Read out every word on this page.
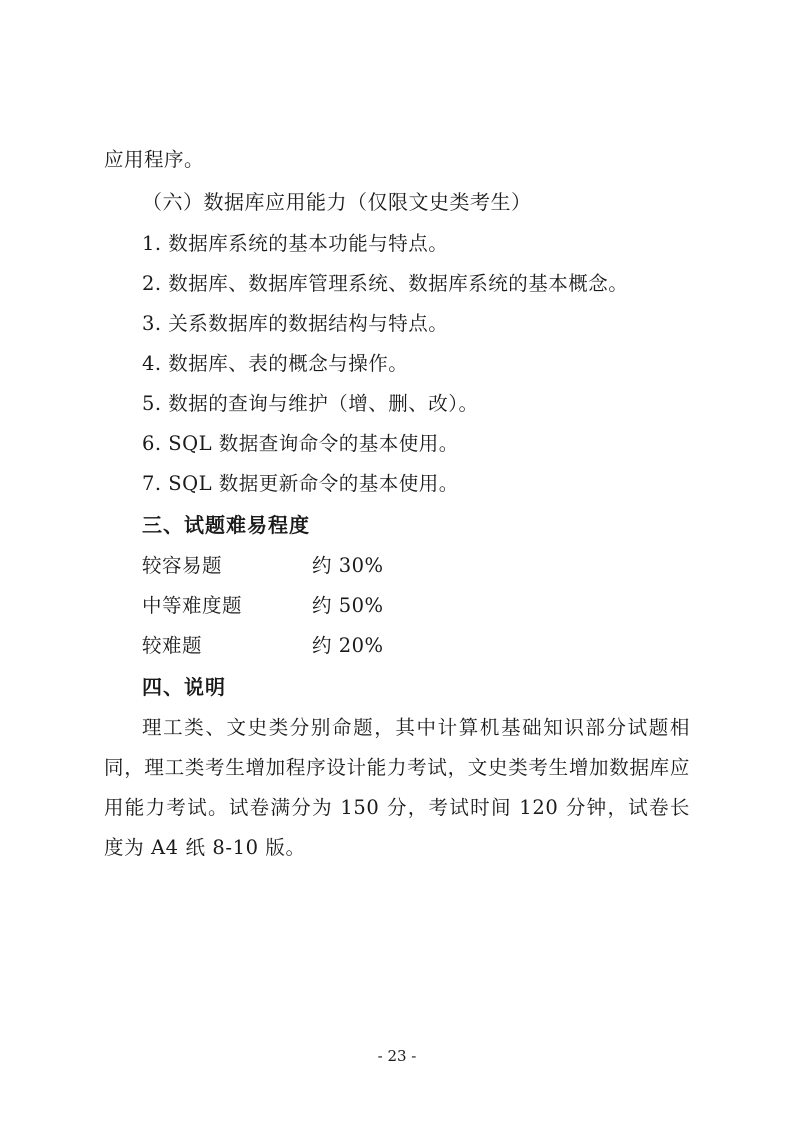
应用程序。
（六）数据库应用能力（仅限文史类考生）
1. 数据库系统的基本功能与特点。
2. 数据库、数据库管理系统、数据库系统的基本概念。
3. 关系数据库的数据结构与特点。
4. 数据库、表的概念与操作。
5. 数据的查询与维护（增、删、改）。
6. SQL 数据查询命令的基本使用。
7. SQL 数据更新命令的基本使用。
三、试题难易程度
较容易题	约 30%
中等难度题	约 50%
较难题	约 20%
四、说明
理工类、文史类分别命题，其中计算机基础知识部分试题相同，理工类考生增加程序设计能力考试，文史类考生增加数据库应用能力考试。试卷满分为 150 分，考试时间 120 分钟，试卷长度为 A4 纸 8-10 版。
- 23 -
